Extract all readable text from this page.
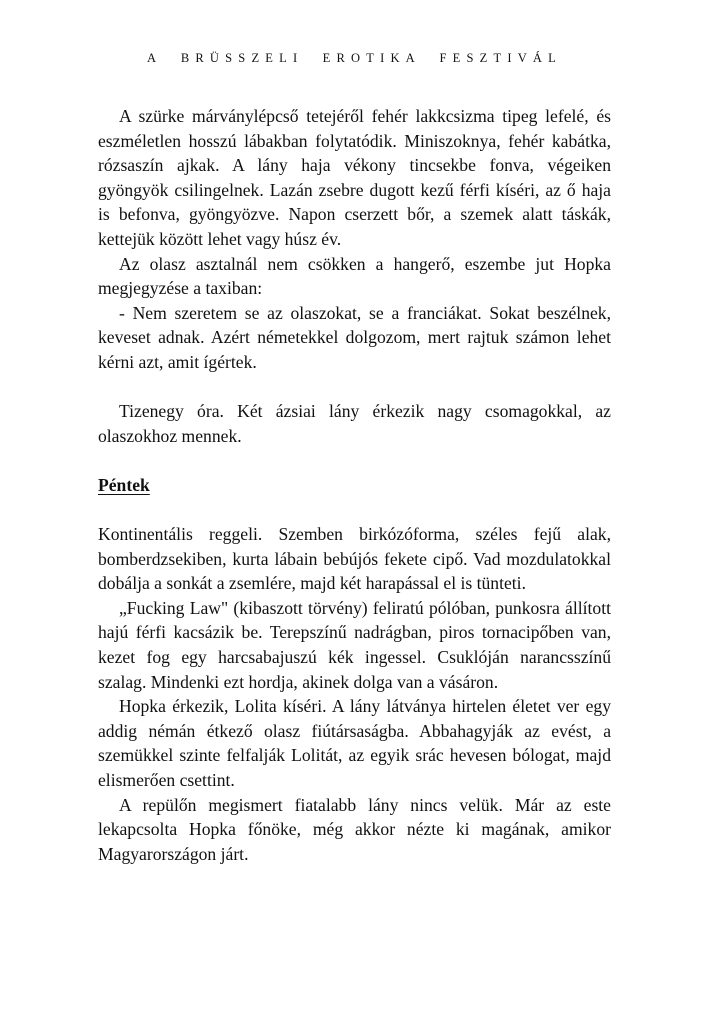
A BRÜSSZELI EROTIKA FESZTIVÁL

A szürke márványlépcső tetejéről fehér lakkcsizma tipeg lefelé, és eszméletlen hosszú lábakban folytatódik. Miniszoknya, fehér kabátka, rózsaszín ajkak. A lány haja vékony tincsekbe fonva, végeiken gyöngyök csilingelnek. Lazán zsebre dugott kezű férfi kíséri, az ő haja is befonva, gyöngyözve. Napon cserzett bőr, a szemek alatt táskák, kettejük között lehet vagy húsz év.

Az olasz asztalnál nem csökken a hangerő, eszembe jut Hopka megjegyzése a taxiban:

- Nem szeretem se az olaszokat, se a franciákat. Sokat beszélnek, keveset adnak. Azért németekkel dolgozom, mert rajtuk számon lehet kérni azt, amit ígértek.

Tizenegy óra. Két ázsiai lány érkezik nagy csomagokkal, az olaszokhoz mennek.

Péntek

Kontinentális reggeli. Szemben birkózóforma, széles fejű alak, bomberdzsekiben, kurta lábain bebújós fekete cipő. Vad mozdulatokkal dobálja a sonkát a zsemlére, majd két harapással el is tünteti.

„Fucking Law" (kibaszott törvény) feliratú pólóban, punkosra állított hajú férfi kacsázik be. Terepszínű nadrágban, piros tornacipőben van, kezet fog egy harcsabajuszú kék ingessel. Csuklóján narancsszínű szalag. Mindenki ezt hordja, akinek dolga van a vásáron.

Hopka érkezik, Lolita kíséri. A lány látványa hirtelen életet ver egy addig némán étkező olasz fiútársaságba. Abbahagyják az evést, a szemükkel szinte felfalják Lolitát, az egyik srác hevesen bólogat, majd elismerően csettint.

A repülőn megismert fiatalabb lány nincs velük. Már az este lekapcsolta Hopka főnöke, még akkor nézte ki magának, amikor Magyarországon járt.
